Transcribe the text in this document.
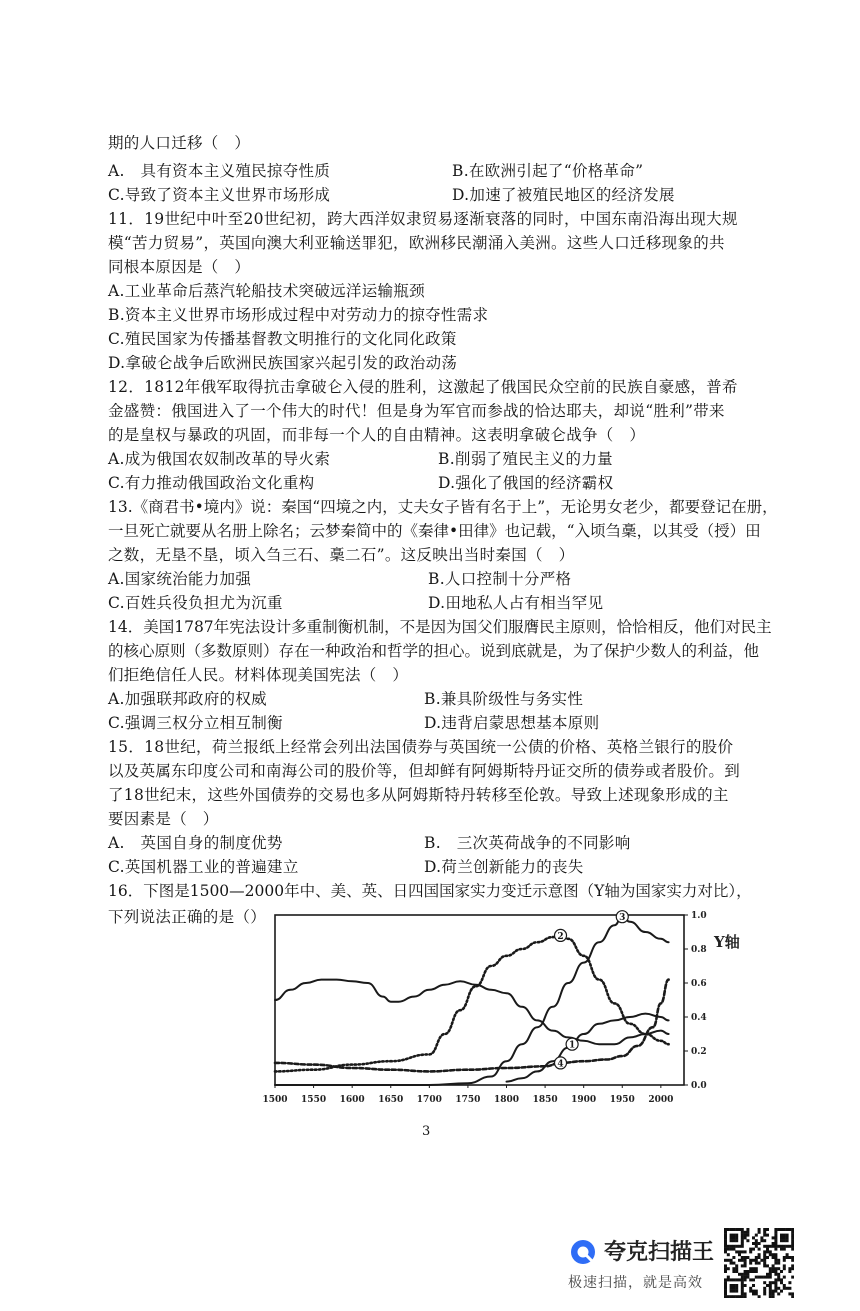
期的人口迁移（　）
A.　具有资本主义殖民掠夺性质	B.在欧洲引起了“价格革命”
C.导致了资本主义世界市场形成	D.加速了被殖民地区的经济发展
11．19世纪中叶至20世纪初，跨大西洋奴隶贸易逐渐衰落的同时，中国东南沿海出现大规
模“苦力贸易”，英国向澳大利亚输送罪犯，欧洲移民潮涌入美洲。这些人口迁移现象的共
同根本原因是（　）
A.工业革命后蒸汽轮船技术突破远洋运输瓶颈
B.资本主义世界市场形成过程中对劳动力的掠夺性需求
C.殖民国家为传播基督教文明推行的文化同化政策
D.拿破仑战争后欧洲民族国家兴起引发的政治动荡
12．1812年俄军取得抗击拿破仑入侵的胜利，这激起了俄国民众空前的民族自豪感，普希
金盛赞：俄国进入了一个伟大的时代！但是身为军官而参战的恰达耶夫，却说“胜利”带来
的是皇权与暴政的巩固，而非每一个人的自由精神。这表明拿破仑战争（　）
A.成为俄国农奴制改革的导火索	B.削弱了殖民主义的力量
C.有力推动俄国政治文化重构	D.强化了俄国的经济霸权
13.《商君书•境内》说：秦国“四境之内，丈夫女子皆有名于上”，无论男女老少，都要登记在册，
一旦死亡就要从名册上除名；云梦秦简中的《秦律•田律》也记载，“入顷刍稾，以其受（授）田
之数，无垦不垦，顷入刍三石、稾二石”。这反映出当时秦国（　）
A.国家统治能力加强	B.人口控制十分严格
C.百姓兵役负担尤为沉重	D.田地私人占有相当罕见
14．美国1787年宪法设计多重制衡机制，不是因为国父们服膺民主原则，恰恰相反，他们对民主
的核心原则（多数原则）存在一种政治和哲学的担心。说到底就是，为了保护少数人的利益，他
们拒绝信任人民。材料体现美国宪法（　）
A.加强联邦政府的权威	B.兼具阶级性与务实性
C.强调三权分立相互制衡	D.违背启蒙思想基本原则
15．18世纪，荷兰报纸上经常会列出法国债券与英国统一公债的价格、英格兰银行的股价
以及英属东印度公司和南海公司的股价等，但却鲜有阿姆斯特丹证交所的债券或者股价。到
了18世纪末，这些外国债券的交易也多从阿姆斯特丹转移至伦敦。导致上述现象形成的主
要因素是（　）
A.　英国自身的制度优势	B.　三次英荷战争的不同影响
C.英国机器工业的普遍建立	D.荷兰创新能力的丧失
16．下图是1500—2000年中、美、英、日四国国家实力变迁示意图（Y轴为国家实力对比），
下列说法正确的是（）
2
3
4
1
1500 1550 1600 1650 1700 1750 1800 1850 1900 1950 2000
1.0
0.8
0.6
0.4
0.2
0.0
Y轴
3
夸克扫描王
极速扫描，就是高效
